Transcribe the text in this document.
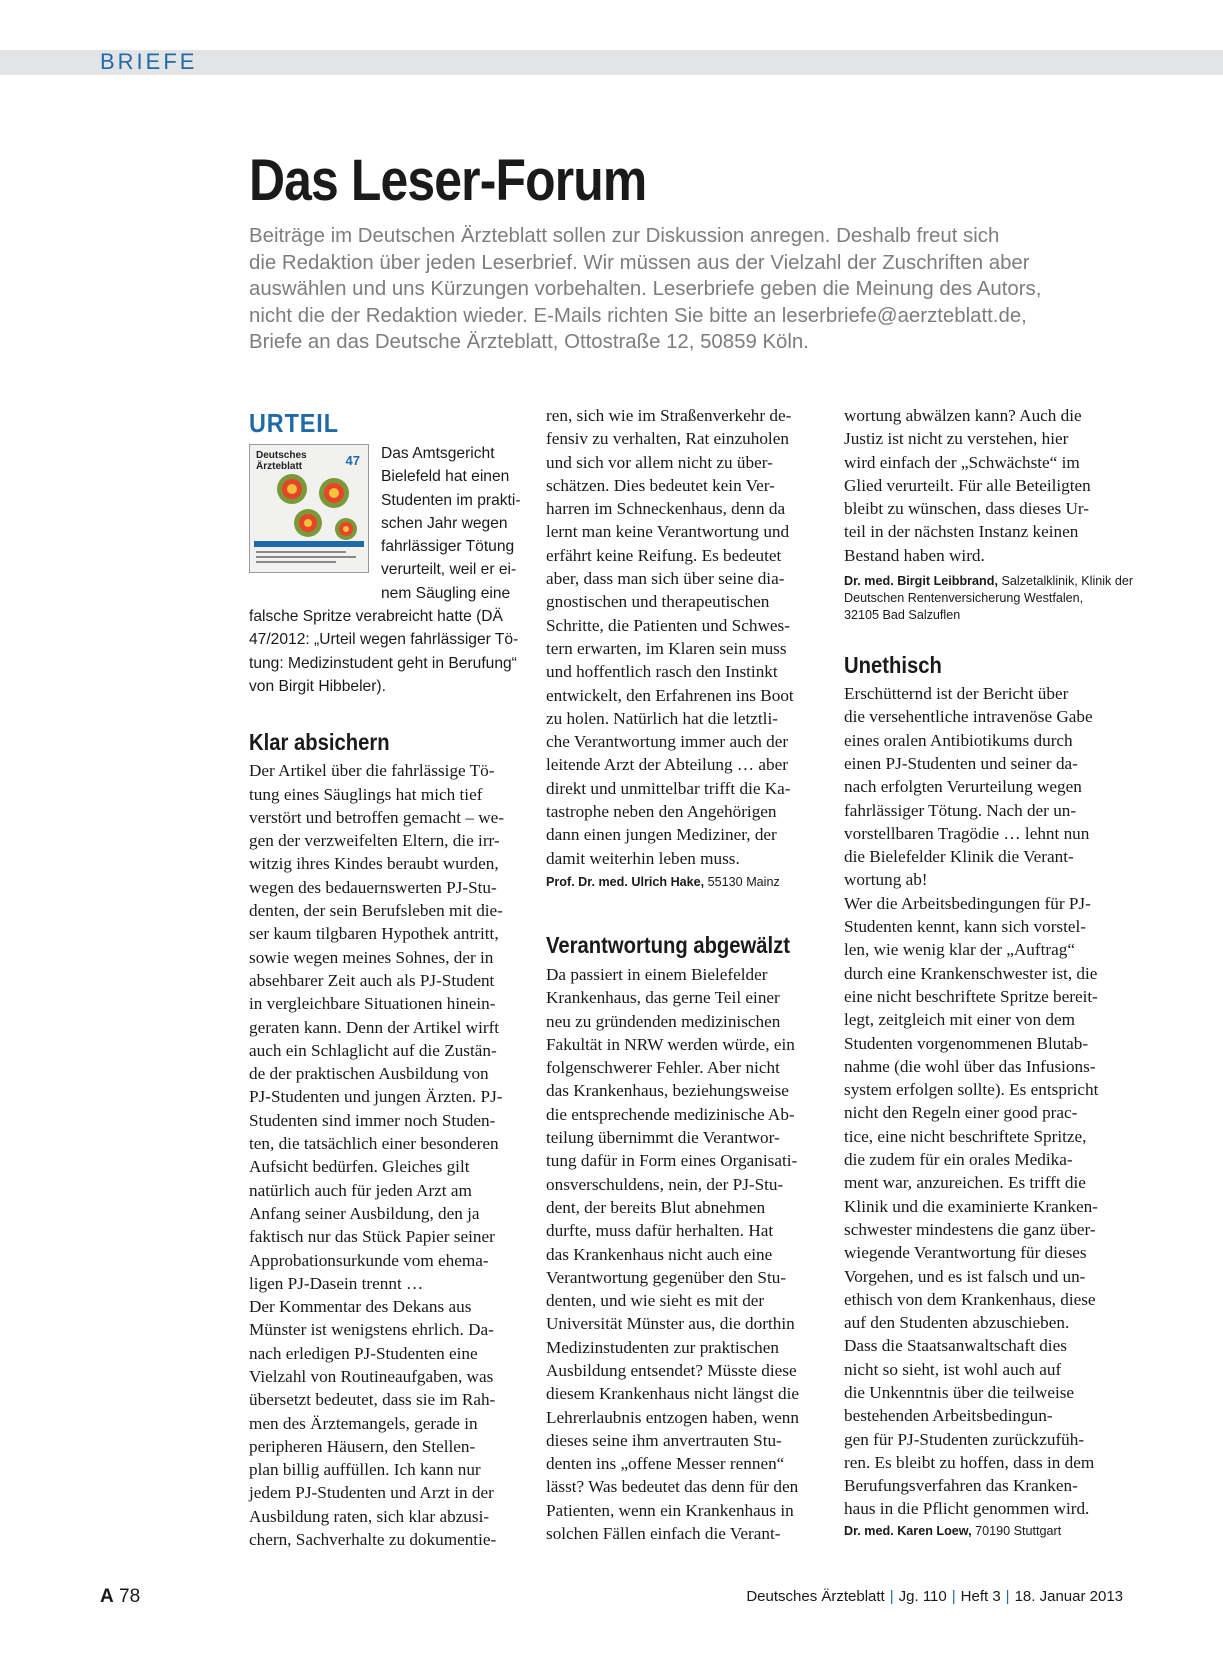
BRIEFE
Das Leser-Forum
Beiträge im Deutschen Ärzteblatt sollen zur Diskussion anregen. Deshalb freut sich
die Redaktion über jeden Leserbrief. Wir müssen aus der Vielzahl der Zuschriften aber
auswählen und uns Kürzungen vorbehalten. Leserbriefe geben die Meinung des Autors,
nicht die der Redaktion wieder. E-Mails richten Sie bitte an leserbriefe@aerzteblatt.de,
Briefe an das Deutsche Ärzteblatt, Ottostraße 12, 50859 Köln.
URTEIL
Deutsches
Ärzteblatt	47 Das Amtsgericht
Bielefeld hat einen
Studenten im prakti-
schen Jahr wegen
fahrlässiger Tötung
verurteilt, weil er ei-
nem Säugling eine
falsche Spritze verabreicht hatte (DÄ
47/2012: „Urteil wegen fahrlässiger Tö-
tung: Medizinstudent geht in Berufung“
von Birgit Hibbeler).
Klar absichern
Der Artikel über die fahrlässige Tö-
tung eines Säuglings hat mich tief
verstört und betroffen gemacht – we-
gen der verzweifelten Eltern, die irr-
witzig ihres Kindes beraubt wurden,
wegen des bedauernswerten PJ-Stu-
denten, der sein Berufsleben mit die-
ser kaum tilgbaren Hypothek antritt,
sowie wegen meines Sohnes, der in
absehbarer Zeit auch als PJ-Student
in vergleichbare Situationen hinein-
geraten kann. Denn der Artikel wirft
auch ein Schlaglicht auf die Zustän-
de der praktischen Ausbildung von
PJ-Studenten und jungen Ärzten. PJ-
Studenten sind immer noch Studen-
ten, die tatsächlich einer besonderen
Aufsicht bedürfen. Gleiches gilt
natürlich auch für jeden Arzt am
Anfang seiner Ausbildung, den ja
faktisch nur das Stück Papier seiner
Approbationsurkunde vom ehema-
ligen PJ-Dasein trennt …
Der Kommentar des Dekans aus
Münster ist wenigstens ehrlich. Da-
nach erledigen PJ-Studenten eine
Vielzahl von Routineaufgaben, was
übersetzt bedeutet, dass sie im Rah-
men des Ärztemangels, gerade in
peripheren Häusern, den Stellen-
plan billig auffüllen. Ich kann nur
jedem PJ-Studenten und Arzt in der
Ausbildung raten, sich klar abzusi-
chern, Sachverhalte zu dokumentie-
ren, sich wie im Straßenverkehr de-
fensiv zu verhalten, Rat einzuholen
und sich vor allem nicht zu über-
schätzen. Dies bedeutet kein Ver-
harren im Schneckenhaus, denn da
lernt man keine Verantwortung und
erfährt keine Reifung. Es bedeutet
aber, dass man sich über seine dia-
gnostischen und therapeutischen
Schritte, die Patienten und Schwes-
tern erwarten, im Klaren sein muss
und hoffentlich rasch den Instinkt
entwickelt, den Erfahrenen ins Boot
zu holen. Natürlich hat die letztli-
che Verantwortung immer auch der
leitende Arzt der Abteilung … aber
direkt und unmittelbar trifft die Ka-
tastrophe neben den Angehörigen
dann einen jungen Mediziner, der
damit weiterhin leben muss.
Prof. Dr. med. Ulrich Hake, 55130 Mainz
Verantwortung abgewälzt
Da passiert in einem Bielefelder
Krankenhaus, das gerne Teil einer
neu zu gründenden medizinischen
Fakultät in NRW werden würde, ein
folgenschwerer Fehler. Aber nicht
das Krankenhaus, beziehungsweise
die entsprechende medizinische Ab-
teilung übernimmt die Verantwor-
tung dafür in Form eines Organisati-
onsverschuldens, nein, der PJ-Stu-
dent, der bereits Blut abnehmen
durfte, muss dafür herhalten. Hat
das Krankenhaus nicht auch eine
Verantwortung gegenüber den Stu-
denten, und wie sieht es mit der
Universität Münster aus, die dorthin
Medizinstudenten zur praktischen
Ausbildung entsendet? Müsste diese
diesem Krankenhaus nicht längst die
Lehrerlaubnis entzogen haben, wenn
dieses seine ihm anvertrauten Stu-
denten ins „offene Messer rennen“
lässt? Was bedeutet das denn für den
Patienten, wenn ein Krankenhaus in
solchen Fällen einfach die Verant-
wortung abwälzen kann? Auch die
Justiz ist nicht zu verstehen, hier
wird einfach der „Schwächste“ im
Glied verurteilt. Für alle Beteiligten
bleibt zu wünschen, dass dieses Ur-
teil in der nächsten Instanz keinen
Bestand haben wird.
Dr. med. Birgit Leibbrand, Salzetalklinik, Klinik der
Deutschen Rentenversicherung Westfalen,
32105 Bad Salzuflen
Unethisch
Erschütternd ist der Bericht über
die versehentliche intravenöse Gabe
eines oralen Antibiotikums durch
einen PJ-Studenten und seiner da-
nach erfolgten Verurteilung wegen
fahrlässiger Tötung. Nach der un-
vorstellbaren Tragödie … lehnt nun
die Bielefelder Klinik die Verant-
wortung ab!
Wer die Arbeitsbedingungen für PJ-
Studenten kennt, kann sich vorstel-
len, wie wenig klar der „Auftrag“
durch eine Krankenschwester ist, die
eine nicht beschriftete Spritze bereit-
legt, zeitgleich mit einer von dem
Studenten vorgenommenen Blutab-
nahme (die wohl über das Infusions-
system erfolgen sollte). Es entspricht
nicht den Regeln einer good prac-
tice, eine nicht beschriftete Spritze,
die zudem für ein orales Medika-
ment war, anzureichen. Es trifft die
Klinik und die examinierte Kranken-
schwester mindestens die ganz über-
wiegende Verantwortung für dieses
Vorgehen, und es ist falsch und un-
ethisch von dem Krankenhaus, diese
auf den Studenten abzuschieben.
Dass die Staatsanwaltschaft dies
nicht so sieht, ist wohl auch auf
die Unkenntnis über die teilweise
bestehenden Arbeitsbedingun-
gen für PJ-Studenten zurückzufüh-
ren. Es bleibt zu hoffen, dass in dem
Berufungsverfahren das Kranken-
haus in die Pflicht genommen wird.
Dr. med. Karen Loew, 70190 Stuttgart
A 78	Deutsches Ärzteblatt | Jg. 110 | Heft 3 | 18. Januar 2013
